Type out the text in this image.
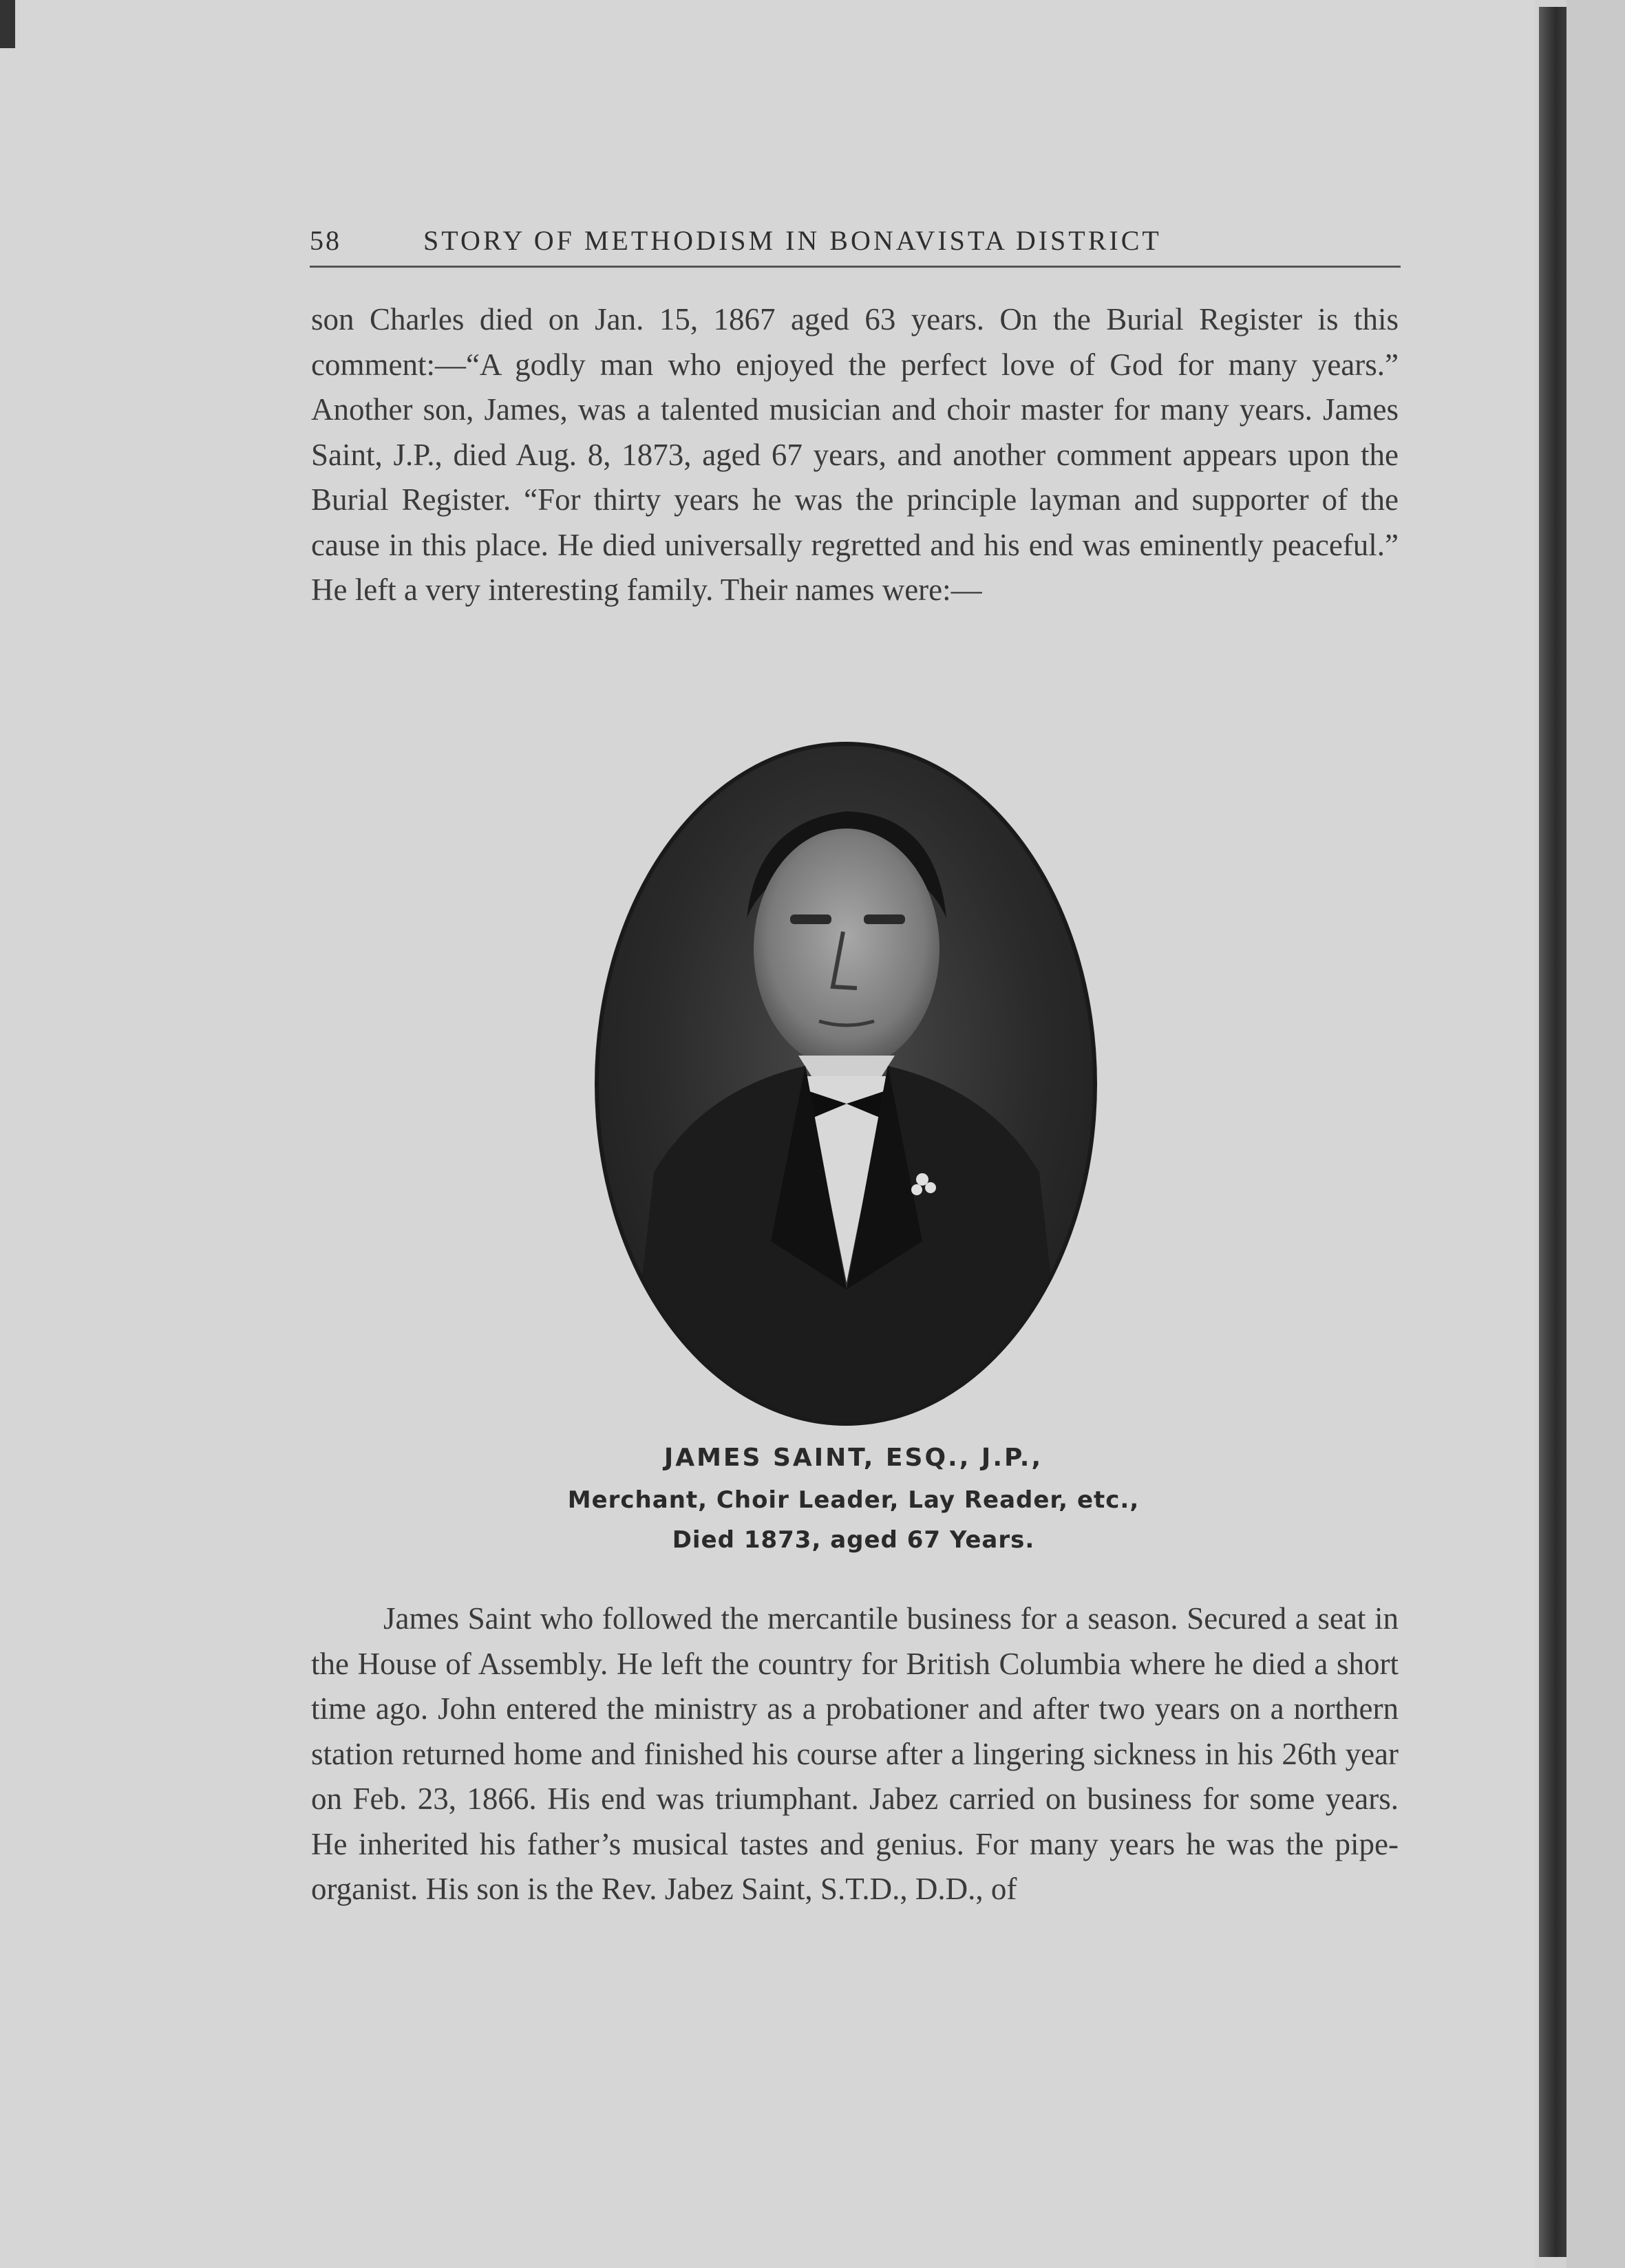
58	STORY OF METHODISM IN BONAVISTA DISTRICT

son Charles died on Jan. 15, 1867 aged 63 years. On the Burial Register is this comment:—“A godly man who enjoyed the perfect love of God for many years.” Another son, James, was a talented musician and choir master for many years. James Saint, J.P., died Aug. 8, 1873, aged 67 years, and another comment appears upon the Burial Register. “For thirty years he was the principle layman and supporter of the cause in this place. He died universally regretted and his end was eminently peaceful.” He left a very interesting family. Their names were:—

JAMES SAINT, ESQ., J.P.,
Merchant, Choir Leader, Lay Reader, etc.,
Died 1873, aged 67 Years.

James Saint who followed the mercantile business for a season. Secured a seat in the House of Assembly. He left the country for British Columbia where he died a short time ago. John entered the ministry as a probationer and after two years on a northern station returned home and finished his course after a lingering sickness in his 26th year on Feb. 23, 1866. His end was triumphant. Jabez carried on business for some years. He inherited his father’s musical tastes and genius. For many years he was the pipe-organist. His son is the Rev. Jabez Saint, S.T.D., D.D., of
